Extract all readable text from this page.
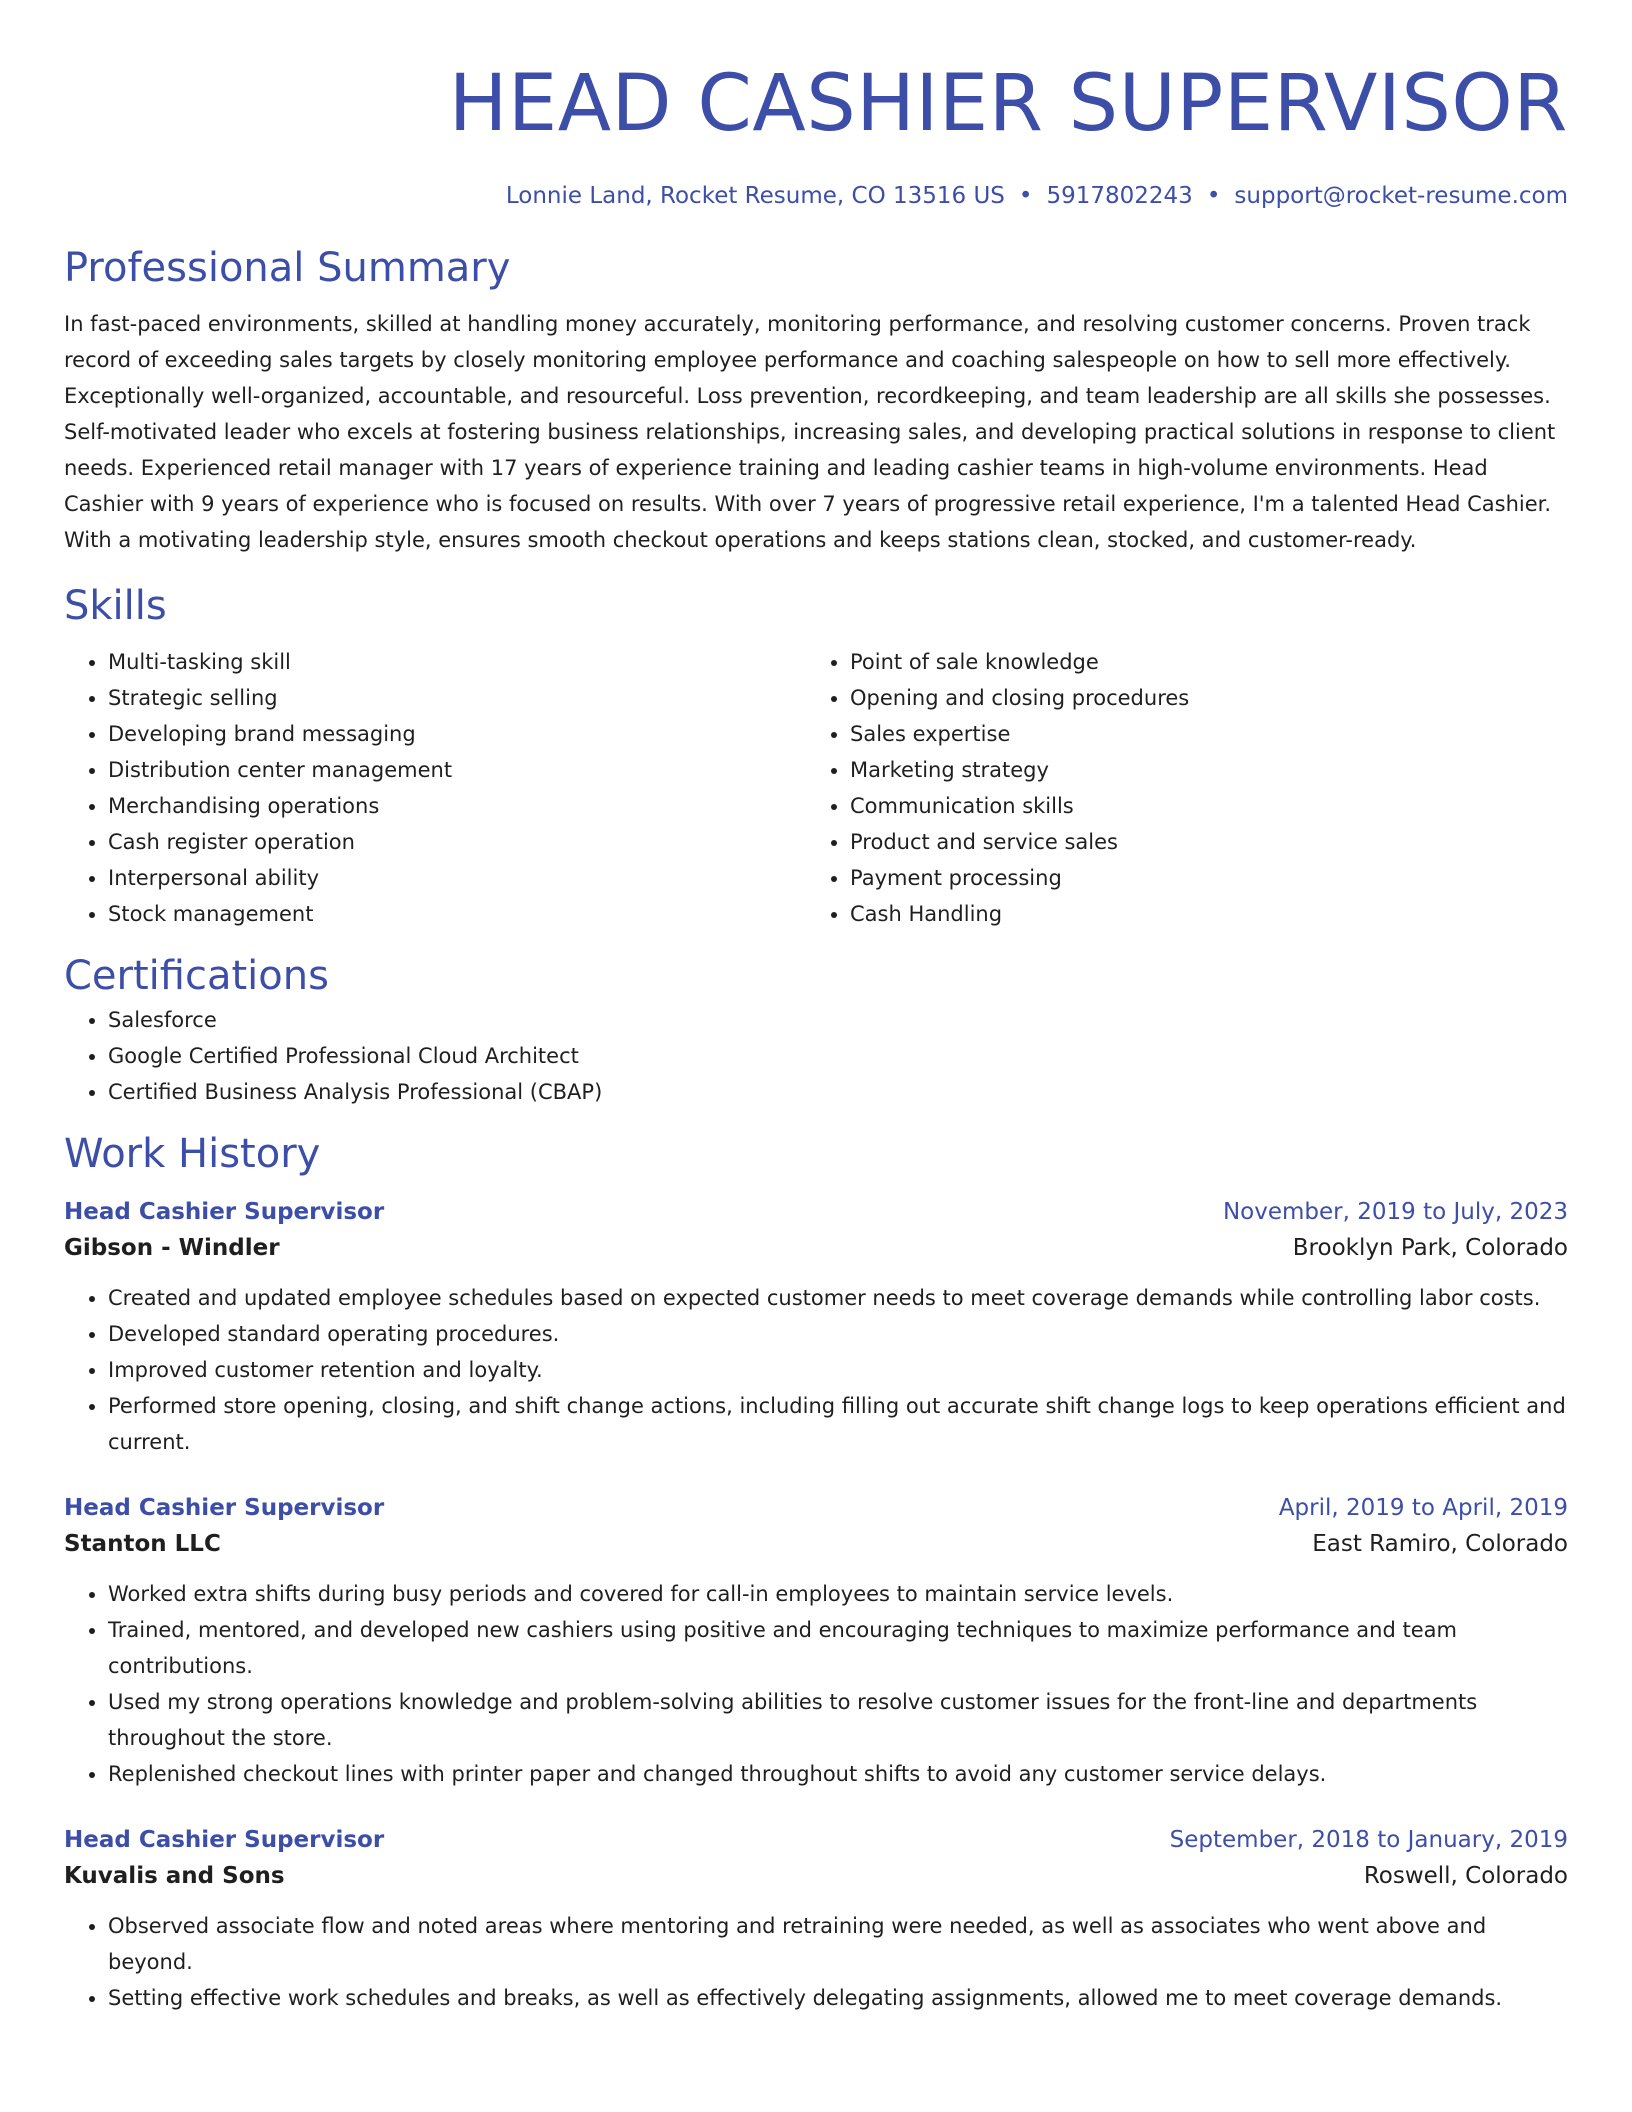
HEAD CASHIER SUPERVISOR
Lonnie Land, Rocket Resume, CO 13516 US • 5917802243 • support@rocket-resume.com
Professional Summary

In fast-paced environments, skilled at handling money accurately, monitoring performance, and resolving customer concerns. Proven track record of exceeding sales targets by closely monitoring employee performance and coaching salespeople on how to sell more effectively. Exceptionally well-organized, accountable, and resourceful. Loss prevention, recordkeeping, and team leadership are all skills she possesses. Self-motivated leader who excels at fostering business relationships, increasing sales, and developing practical solutions in response to client needs. Experienced retail manager with 17 years of experience training and leading cashier teams in high-volume environments. Head Cashier with 9 years of experience who is focused on results. With over 7 years of progressive retail experience, I'm a talented Head Cashier. With a motivating leadership style, ensures smooth checkout operations and keeps stations clean, stocked, and customer-ready.

Skills
• Multi-tasking skill
• Strategic selling
• Developing brand messaging
• Distribution center management
• Merchandising operations
• Cash register operation
• Interpersonal ability
• Stock management
• Point of sale knowledge
• Opening and closing procedures
• Sales expertise
• Marketing strategy
• Communication skills
• Product and service sales
• Payment processing
• Cash Handling
Certifications
• Salesforce
• Google Certified Professional Cloud Architect
• Certified Business Analysis Professional (CBAP)
Work History
Head Cashier Supervisor	November, 2019 to July, 2023
Gibson - Windler	Brooklyn Park, Colorado
• Created and updated employee schedules based on expected customer needs to meet coverage demands while controlling labor costs.
• Developed standard operating procedures.
• Improved customer retention and loyalty.
• Performed store opening, closing, and shift change actions, including filling out accurate shift change logs to keep operations efficient and current.
Head Cashier Supervisor	April, 2019 to April, 2019
Stanton LLC	East Ramiro, Colorado
• Worked extra shifts during busy periods and covered for call-in employees to maintain service levels.
• Trained, mentored, and developed new cashiers using positive and encouraging techniques to maximize performance and team contributions.
• Used my strong operations knowledge and problem-solving abilities to resolve customer issues for the front-line and departments throughout the store.
• Replenished checkout lines with printer paper and changed throughout shifts to avoid any customer service delays.
Head Cashier Supervisor	September, 2018 to January, 2019
Kuvalis and Sons	Roswell, Colorado
• Observed associate flow and noted areas where mentoring and retraining were needed, as well as associates who went above and beyond.
• Setting effective work schedules and breaks, as well as effectively delegating assignments, allowed me to meet coverage demands.
